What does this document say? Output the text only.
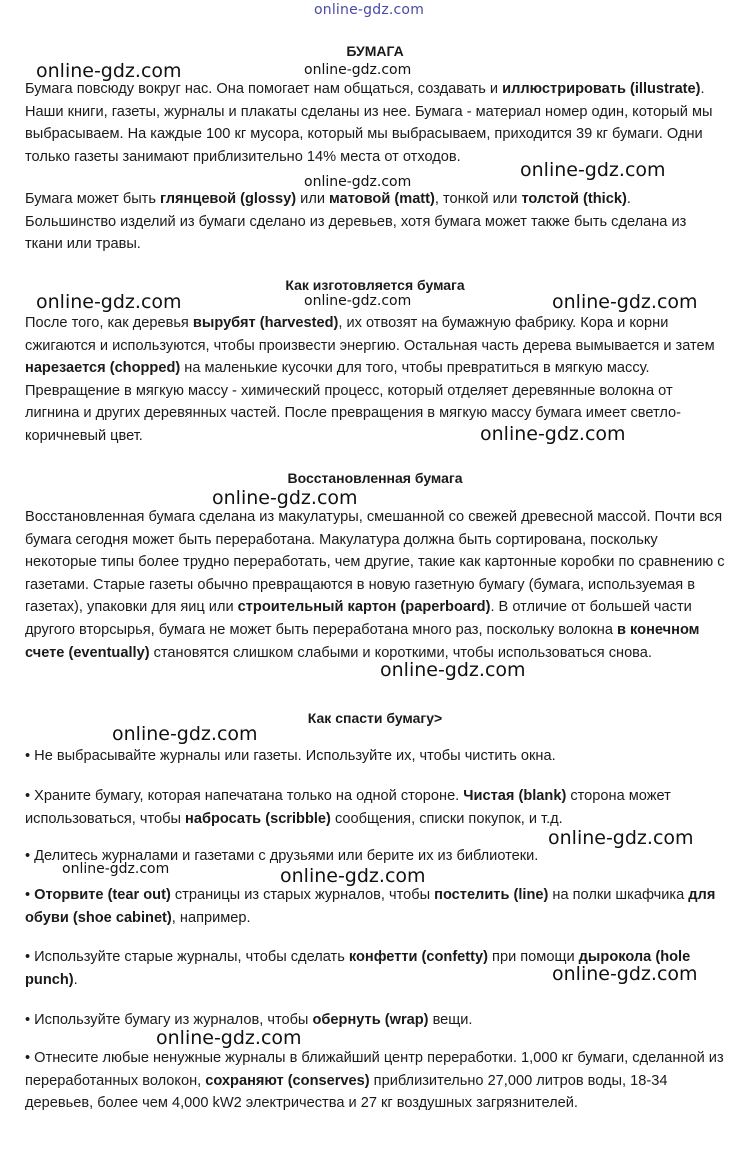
online-gdz.com

БУМАГА

Бумага повсюду вокруг нас. Она помогает нам общаться, создавать и иллюстрировать (illustrate). Наши книги, газеты, журналы и плакаты сделаны из нее. Бумага - материал номер один, который мы выбрасываем. На каждые 100 кг мусора, который мы выбрасываем, приходится 39 кг бумаги. Одни только газеты занимают приблизительно 14% места от отходов.

Бумага может быть глянцевой (glossy) или матовой (matt), тонкой или толстой (thick). Большинство изделий из бумаги сделано из деревьев, хотя бумага может также быть сделана из ткани или травы.

Как изготовляется бумага

После того, как деревья вырубят (harvested), их отвозят на бумажную фабрику. Кора и корни сжигаются и используются, чтобы произвести энергию. Остальная часть дерева вымывается и затем нарезается (chopped) на маленькие кусочки для того, чтобы превратиться в мягкую массу. Превращение в мягкую массу - химический процесс, который отделяет деревянные волокна от лигнина и других деревянных частей. После превращения в мягкую массу бумага имеет светло-коричневый цвет.

Восстановленная бумага

Восстановленная бумага сделана из макулатуры, смешанной со свежей древесной массой. Почти вся бумага сегодня может быть переработана. Макулатура должна быть сортирована, поскольку некоторые типы более трудно переработать, чем другие, такие как картонные коробки по сравнению с газетами. Старые газеты обычно превращаются в новую газетную бумагу (бумага, используемая в газетах), упаковки для яиц или строительный картон (paperboard). В отличие от большей части другого вторсырья, бумага не может быть переработана много раз, поскольку волокна в конечном счете (eventually) становятся слишком слабыми и короткими, чтобы использоваться снова.

Как спасти бумагу>

• Не выбрасывайте журналы или газеты. Используйте их, чтобы чистить окна.

• Храните бумагу, которая напечатана только на одной стороне. Чистая (blank) сторона может использоваться, чтобы набросать (scribble) сообщения, списки покупок, и т.д.

• Делитесь журналами и газетами с друзьями или берите их из библиотеки.

• Оторвите (tear out) страницы из старых журналов, чтобы постелить (line) на полки шкафчика для обуви (shoe cabinet), например.

• Используйте старые журналы, чтобы сделать конфетти (confetty) при помощи дырокола (hole punch).

• Используйте бумагу из журналов, чтобы обернуть (wrap) вещи.

• Отнесите любые ненужные журналы в ближайший центр переработки. 1,000 кг бумаги, сделанной из переработанных волокон, сохраняют (conserves) приблизительно 27,000 литров воды, 18-34 деревьев, более чем 4,000 kW2 электричества и 27 кг воздушных загрязнителей.

online-gdz.com	online-gdz.com
online-gdz.com
online-gdz.com
online-gdz.com	online-gdz.com	online-gdz.com
online-gdz.com
online-gdz.com
online-gdz.com
online-gdz.com
online-gdz.com
online-gdz.com
online-gdz.com
online-gdz.com
online-gdz.com
